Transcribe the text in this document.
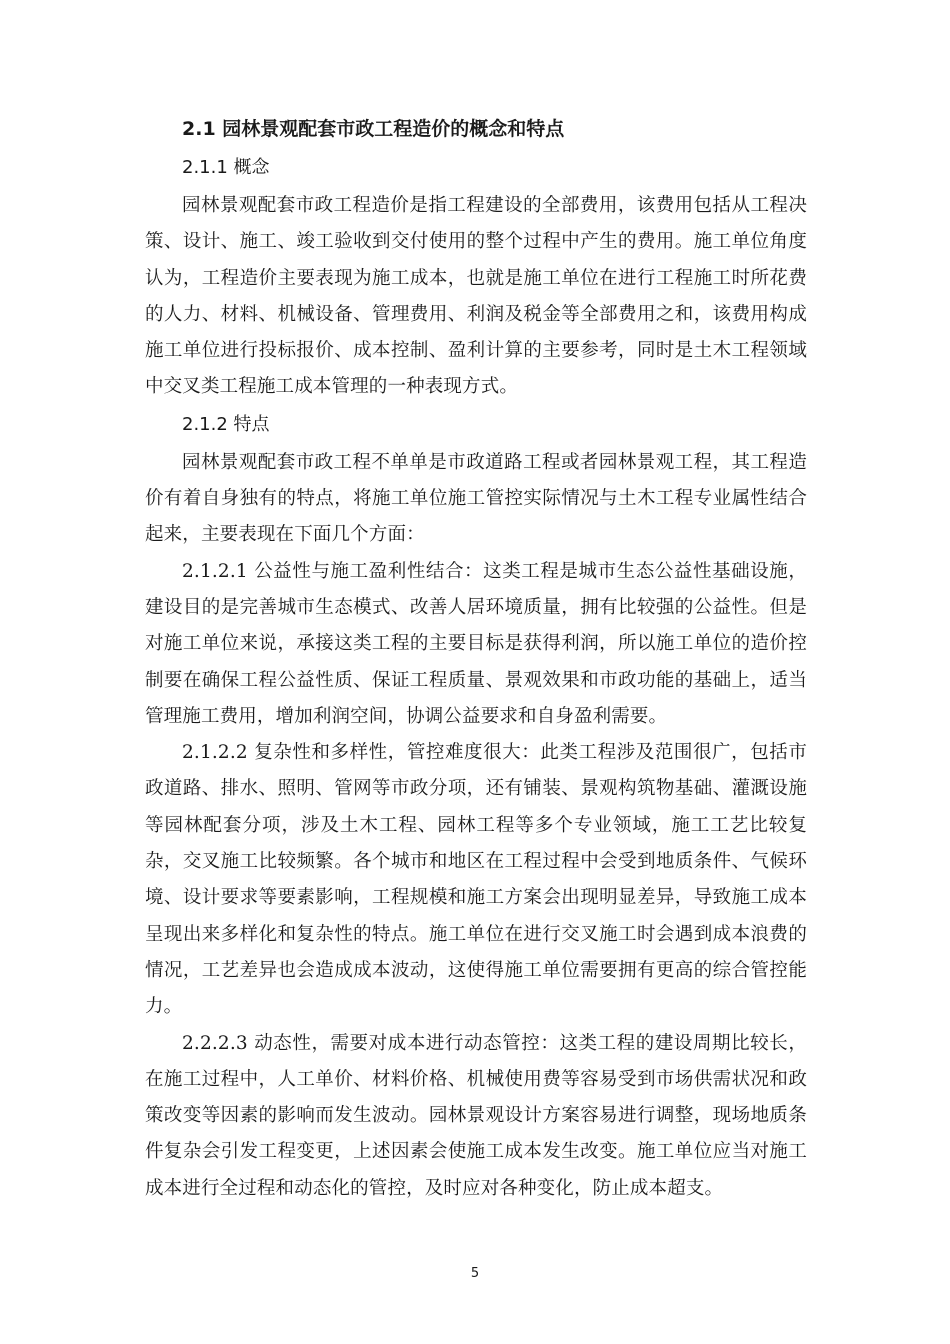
2.1 园林景观配套市政工程造价的概念和特点
2.1.1 概念

园林景观配套市政工程造价是指工程建设的全部费用，该费用包括从工程决策、设计、施工、竣工验收到交付使用的整个过程中产生的费用。施工单位角度认为，工程造价主要表现为施工成本，也就是施工单位在进行工程施工时所花费的人力、材料、机械设备、管理费用、利润及税金等全部费用之和，该费用构成施工单位进行投标报价、成本控制、盈利计算的主要参考，同时是土木工程领域中交叉类工程施工成本管理的一种表现方式。

2.1.2 特点

园林景观配套市政工程不单单是市政道路工程或者园林景观工程，其工程造价有着自身独有的特点，将施工单位施工管控实际情况与土木工程专业属性结合起来，主要表现在下面几个方面：

2.1.2.1 公益性与施工盈利性结合：这类工程是城市生态公益性基础设施，建设目的是完善城市生态模式、改善人居环境质量，拥有比较强的公益性。但是对施工单位来说，承接这类工程的主要目标是获得利润，所以施工单位的造价控制要在确保工程公益性质、保证工程质量、景观效果和市政功能的基础上，适当管理施工费用，增加利润空间，协调公益要求和自身盈利需要。

2.1.2.2 复杂性和多样性，管控难度很大：此类工程涉及范围很广，包括市政道路、排水、照明、管网等市政分项，还有铺装、景观构筑物基础、灌溉设施等园林配套分项，涉及土木工程、园林工程等多个专业领域，施工工艺比较复杂，交叉施工比较频繁。各个城市和地区在工程过程中会受到地质条件、气候环境、设计要求等要素影响，工程规模和施工方案会出现明显差异，导致施工成本呈现出来多样化和复杂性的特点。施工单位在进行交叉施工时会遇到成本浪费的情况，工艺差异也会造成成本波动，这使得施工单位需要拥有更高的综合管控能力。

2.2.2.3 动态性，需要对成本进行动态管控：这类工程的建设周期比较长，在施工过程中，人工单价、材料价格、机械使用费等容易受到市场供需状况和政策改变等因素的影响而发生波动。园林景观设计方案容易进行调整，现场地质条件复杂会引发工程变更，上述因素会使施工成本发生改变。施工单位应当对施工成本进行全过程和动态化的管控，及时应对各种变化，防止成本超支。

5
